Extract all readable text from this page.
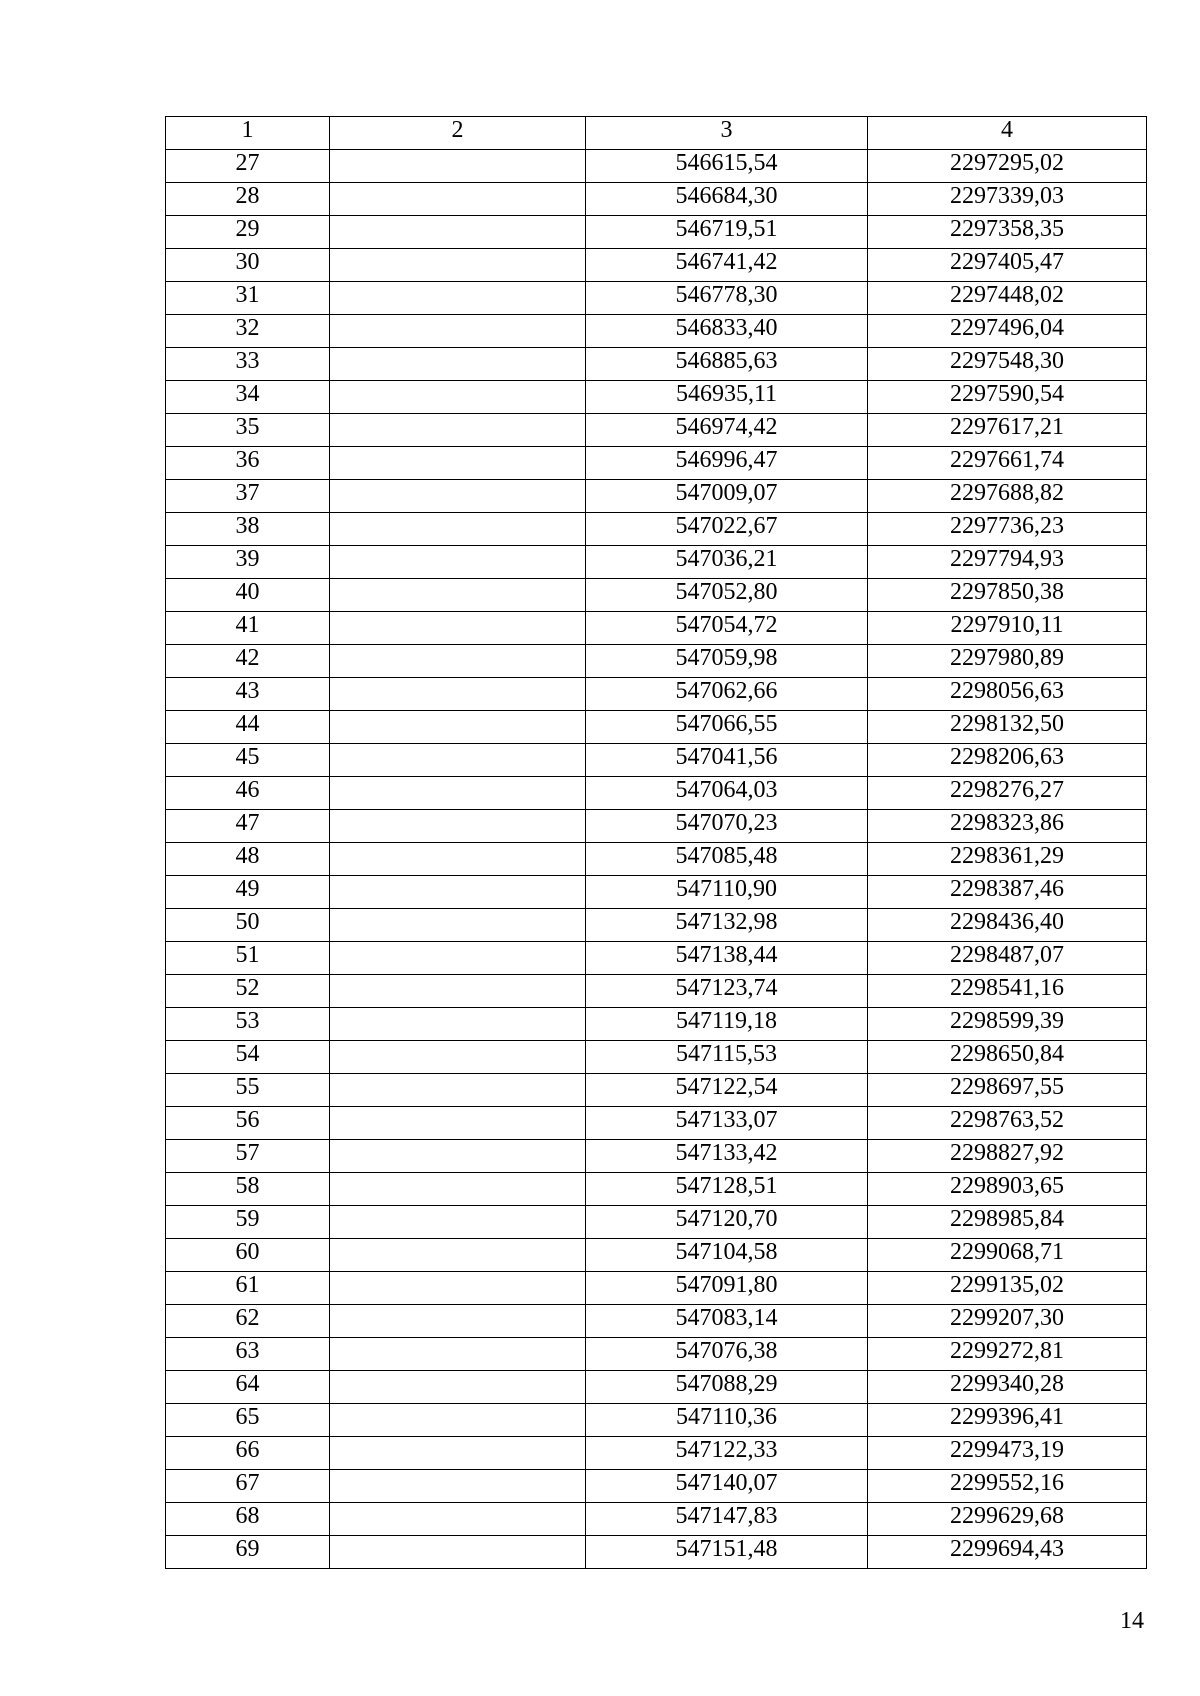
1	2	3	4
27		546615,54	2297295,02
28		546684,30	2297339,03
29		546719,51	2297358,35
30		546741,42	2297405,47
31		546778,30	2297448,02
32		546833,40	2297496,04
33		546885,63	2297548,30
34		546935,11	2297590,54
35		546974,42	2297617,21
36		546996,47	2297661,74
37		547009,07	2297688,82
38		547022,67	2297736,23
39		547036,21	2297794,93
40		547052,80	2297850,38
41		547054,72	2297910,11
42		547059,98	2297980,89
43		547062,66	2298056,63
44		547066,55	2298132,50
45		547041,56	2298206,63
46		547064,03	2298276,27
47		547070,23	2298323,86
48		547085,48	2298361,29
49		547110,90	2298387,46
50		547132,98	2298436,40
51		547138,44	2298487,07
52		547123,74	2298541,16
53		547119,18	2298599,39
54		547115,53	2298650,84
55		547122,54	2298697,55
56		547133,07	2298763,52
57		547133,42	2298827,92
58		547128,51	2298903,65
59		547120,70	2298985,84
60		547104,58	2299068,71
61		547091,80	2299135,02
62		547083,14	2299207,30
63		547076,38	2299272,81
64		547088,29	2299340,28
65		547110,36	2299396,41
66		547122,33	2299473,19
67		547140,07	2299552,16
68		547147,83	2299629,68
69		547151,48	2299694,43
14
